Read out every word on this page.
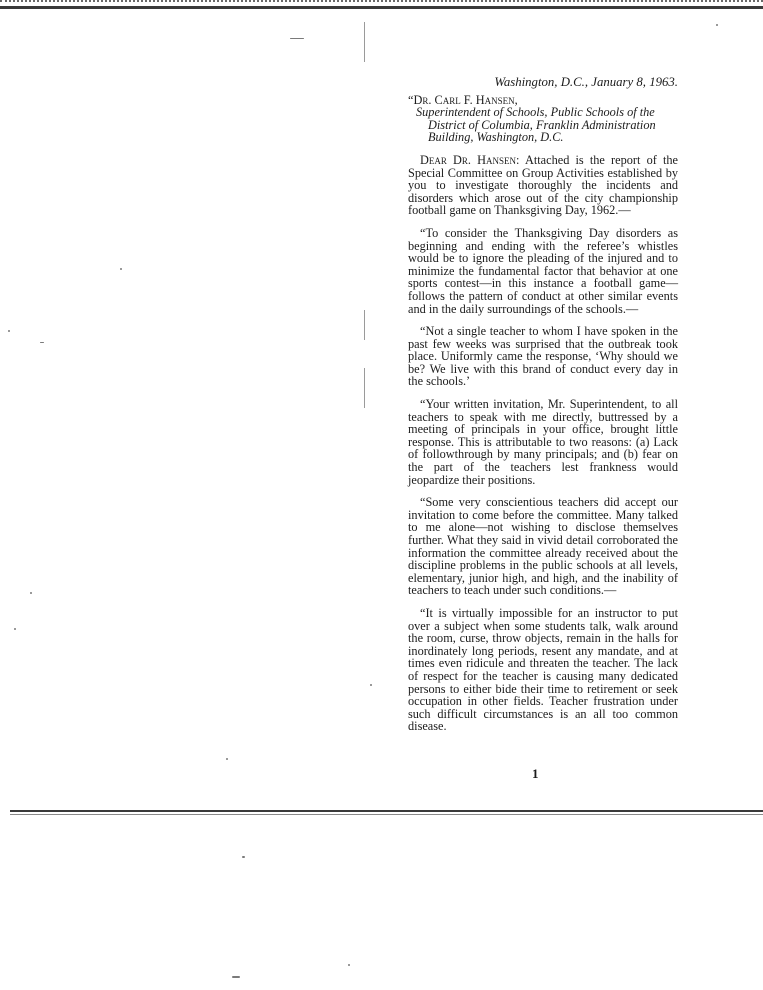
Washington, D.C., January 8, 1963.

“Dr. Carl F. Hansen,

Superintendent of Schools, Public Schools of the District of Columbia, Franklin Administration Building, Washington, D.C.

Dear Dr. Hansen: Attached is the report of the Special Committee on Group Activities established by you to investigate thoroughly the incidents and disorders which arose out of the city championship football game on Thanksgiving Day, 1962.—

“To consider the Thanksgiving Day disorders as beginning and ending with the referee’s whistles would be to ignore the pleading of the injured and to minimize the fundamental factor that behavior at one sports contest—in this instance a football game—follows the pattern of conduct at other similar events and in the daily surroundings of the schools.—

“Not a single teacher to whom I have spoken in the past few weeks was surprised that the outbreak took place. Uniformly came the response, ‘Why should we be? We live with this brand of conduct every day in the schools.’

“Your written invitation, Mr. Superintendent, to all teachers to speak with me directly, buttressed by a meeting of principals in your office, brought little response. This is attributable to two reasons: (a) Lack of followthrough by many principals; and (b) fear on the part of the teachers lest frankness would jeopardize their positions.

“Some very conscientious teachers did accept our invitation to come before the committee. Many talked to me alone—not wishing to disclose themselves further. What they said in vivid detail corroborated the information the committee already received about the discipline problems in the public schools at all levels, elementary, junior high, and high, and the inability of teachers to teach under such conditions.—

“It is virtually impossible for an instructor to put over a subject when some students talk, walk around the room, curse, throw objects, remain in the halls for inordinately long periods, resent any mandate, and at times even ridicule and threaten the teacher. The lack of respect for the teacher is causing many dedicated persons to either bide their time to retirement or seek occupation in other fields. Teacher frustration under such difficult circumstances is an all too common disease.

1
